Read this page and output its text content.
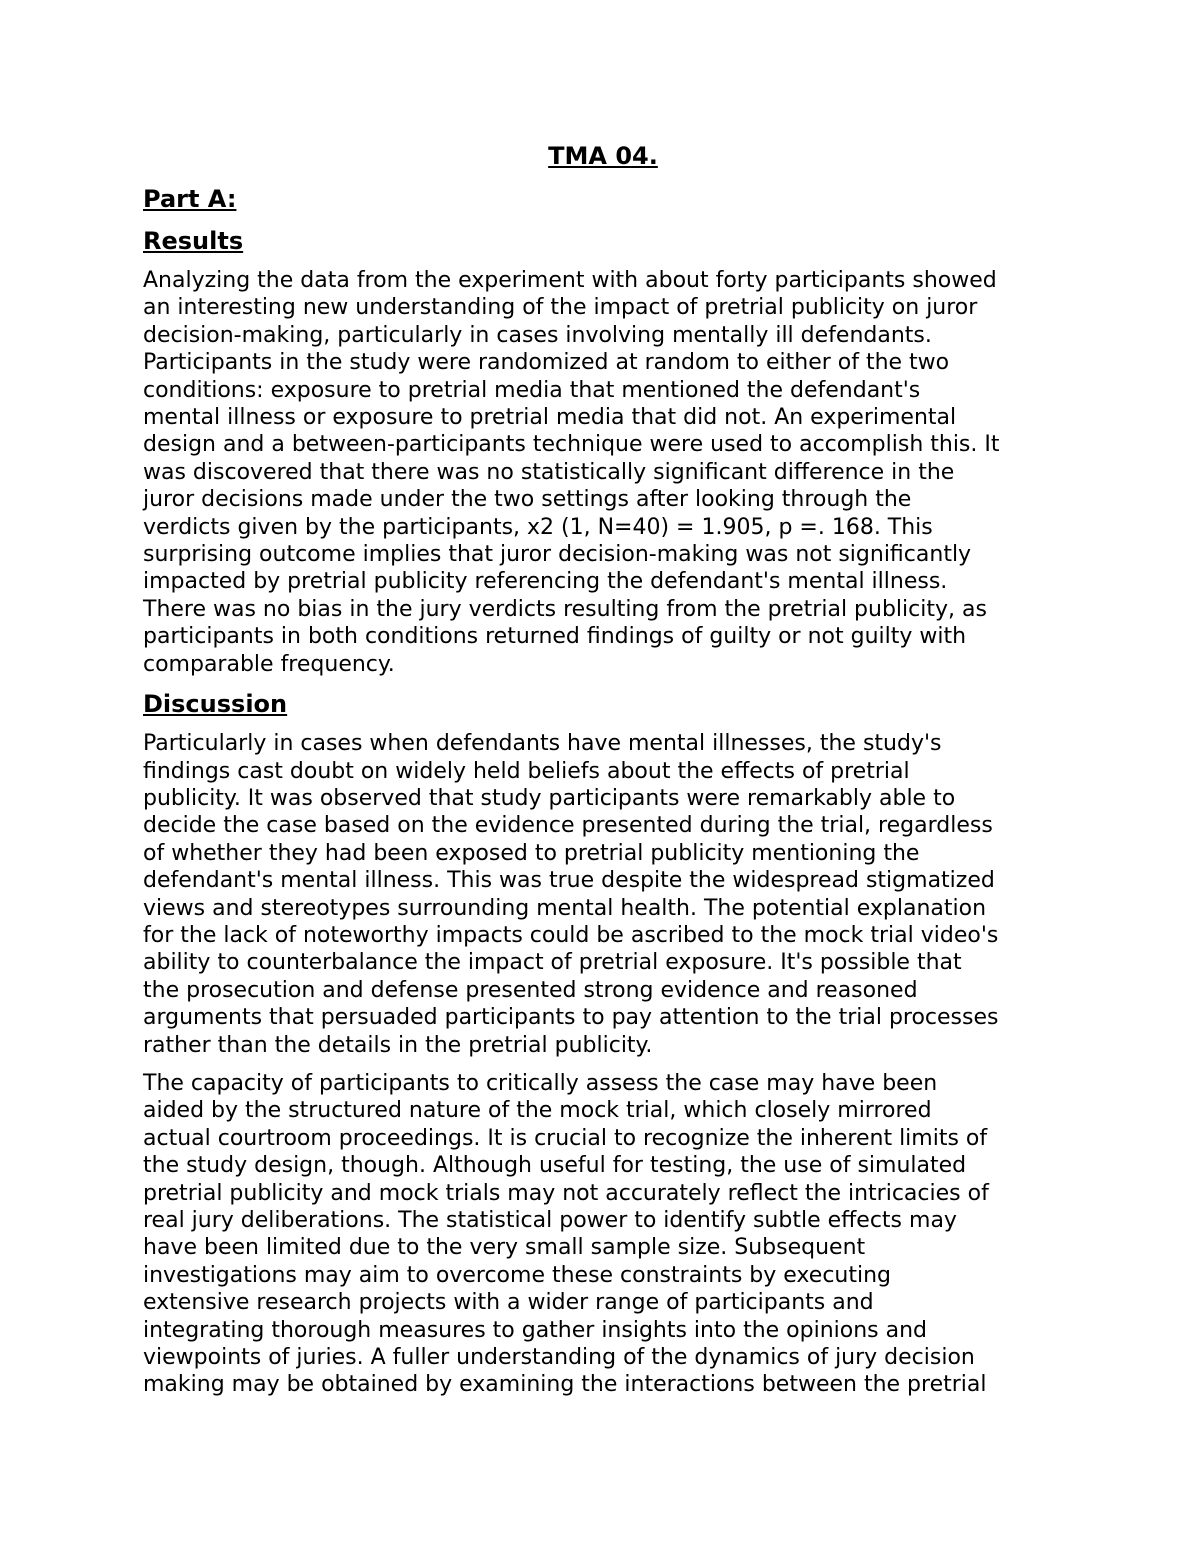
TMA 04.
Part A:
Results

Analyzing the data from the experiment with about forty participants showed
an interesting new understanding of the impact of pretrial publicity on juror
decision-making, particularly in cases involving mentally ill defendants.
Participants in the study were randomized at random to either of the two
conditions: exposure to pretrial media that mentioned the defendant's
mental illness or exposure to pretrial media that did not. An experimental
design and a between-participants technique were used to accomplish this. It
was discovered that there was no statistically significant difference in the
juror decisions made under the two settings after looking through the
verdicts given by the participants, x2 (1, N=40) = 1.905, p =. 168. This
surprising outcome implies that juror decision-making was not significantly
impacted by pretrial publicity referencing the defendant's mental illness.
There was no bias in the jury verdicts resulting from the pretrial publicity, as
participants in both conditions returned findings of guilty or not guilty with
comparable frequency.

Discussion

Particularly in cases when defendants have mental illnesses, the study's
findings cast doubt on widely held beliefs about the effects of pretrial
publicity. It was observed that study participants were remarkably able to
decide the case based on the evidence presented during the trial, regardless
of whether they had been exposed to pretrial publicity mentioning the
defendant's mental illness. This was true despite the widespread stigmatized
views and stereotypes surrounding mental health. The potential explanation
for the lack of noteworthy impacts could be ascribed to the mock trial video's
ability to counterbalance the impact of pretrial exposure. It's possible that
the prosecution and defense presented strong evidence and reasoned
arguments that persuaded participants to pay attention to the trial processes
rather than the details in the pretrial publicity.

The capacity of participants to critically assess the case may have been
aided by the structured nature of the mock trial, which closely mirrored
actual courtroom proceedings. It is crucial to recognize the inherent limits of
the study design, though. Although useful for testing, the use of simulated
pretrial publicity and mock trials may not accurately reflect the intricacies of
real jury deliberations. The statistical power to identify subtle effects may
have been limited due to the very small sample size. Subsequent
investigations may aim to overcome these constraints by executing
extensive research projects with a wider range of participants and
integrating thorough measures to gather insights into the opinions and
viewpoints of juries. A fuller understanding of the dynamics of jury decision
making may be obtained by examining the interactions between the pretrial
